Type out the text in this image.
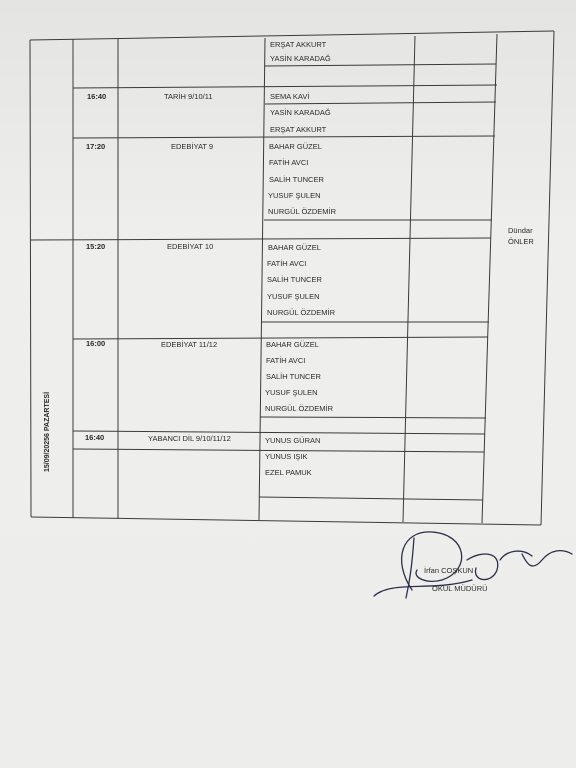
ERŞAT AKKURT
YASİN KARADAĞ
16:40	TARİH 9/10/11	SEMA KAVİ
YASİN KARADAĞ
ERŞAT AKKURT
17:20	EDEBİYAT 9	BAHAR GÜZEL
FATİH AVCI
SALİH TUNCER
YUSUF ŞULEN
NURGÜL ÖZDEMİR
Dündar
ÖNLER
15:20	EDEBİYAT 10	BAHAR GÜZEL
FATİH AVCI
SALİH TUNCER
YUSUF ŞULEN
NURGÜL ÖZDEMİR
15/09/20256 PAZARTESİ
16:00	EDEBİYAT 11/12	BAHAR GÜZEL
FATİH AVCI
SALİH TUNCER
YUSUF ŞULEN
NURGÜL ÖZDEMİR
16:40	YABANCI DİL 9/10/11/12	YUNUS GÜRAN
YUNUS IŞIK
EZEL PAMUK
İrfan COŞKUN
OKUL MÜDÜRÜ
